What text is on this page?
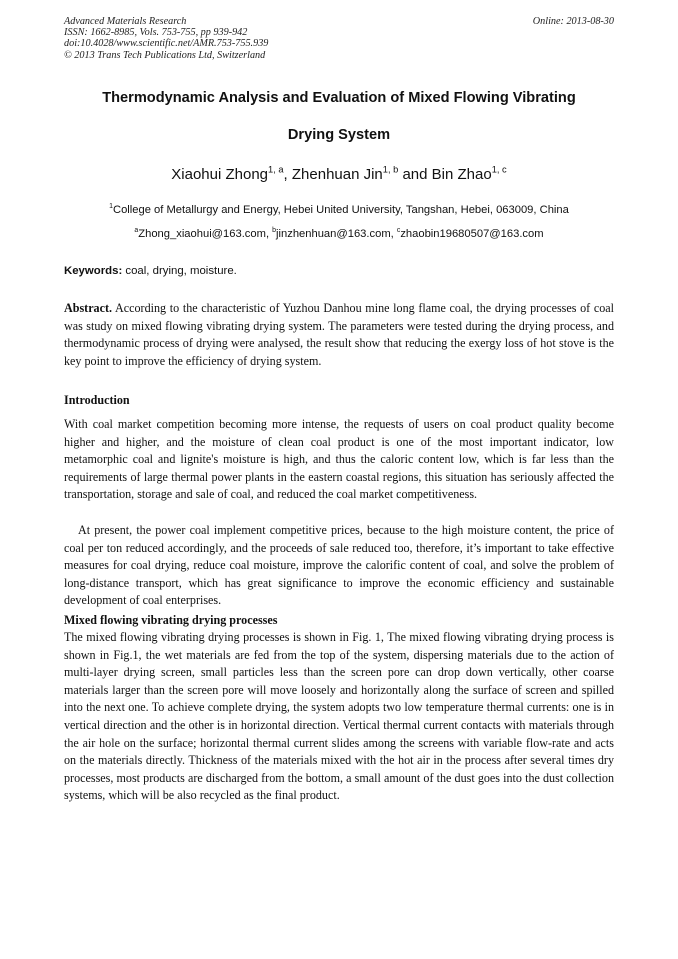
Advanced Materials Research
ISSN: 1662-8985, Vols. 753-755, pp 939-942
doi:10.4028/www.scientific.net/AMR.753-755.939
© 2013 Trans Tech Publications Ltd, Switzerland
Online: 2013-08-30
Thermodynamic Analysis and Evaluation of Mixed Flowing Vibrating
Drying System
Xiaohui Zhong$^{1, a}$, Zhenhuan Jin$^{1, b}$ and Bin Zhao$^{1, c}$
$^1$College of Metallurgy and Energy, Hebei United University, Tangshan, Hebei, 063009, China
$^a$Zhong_xiaohui@163.com, $^b$jinzhenhuan@163.com, $^c$zhaobin19680507@163.com
Keywords: coal, drying, moisture.

Abstract. According to the characteristic of Yuzhou Danhou mine long flame coal, the drying processes of coal was study on mixed flowing vibrating drying system. The parameters were tested during the drying process, and thermodynamic process of drying were analysed, the result show that reducing the exergy loss of hot stove is the key point to improve the efficiency of drying system.

Introduction

With coal market competition becoming more intense, the requests of users on coal product quality become higher and higher, and the moisture of clean coal product is one of the most important indicator, low metamorphic coal and lignite's moisture is high, and thus the caloric content low, which is far less than the requirements of large thermal power plants in the eastern coastal regions, this situation has seriously affected the transportation, storage and sale of coal, and reduced the coal market competitiveness.

At present, the power coal implement competitive prices, because to the high moisture content, the price of coal per ton reduced accordingly, and the proceeds of sale reduced too, therefore, it’s important to take effective measures for coal drying, reduce coal moisture, improve the calorific content of coal, and solve the problem of long-distance transport, which has great significance to improve the economic efficiency and sustainable development of coal enterprises.

Mixed flowing vibrating drying processes

The mixed flowing vibrating drying processes is shown in Fig. 1, The mixed flowing vibrating drying process is shown in Fig.1, the wet materials are fed from the top of the system, dispersing materials due to the action of multi-layer drying screen, small particles less than the screen pore can drop down vertically, other coarse materials larger than the screen pore will move loosely and horizontally along the surface of screen and spilled into the next one. To achieve complete drying, the system adopts two low temperature thermal currents: one is in vertical direction and the other is in horizontal direction. Vertical thermal current contacts with materials through the air hole on the surface; horizontal thermal current slides among the screens with variable flow-rate and acts on the materials directly. Thickness of the materials mixed with the hot air in the process after several times dry processes, most products are discharged from the bottom, a small amount of the dust goes into the dust collection systems, which will be also recycled as the final product.
